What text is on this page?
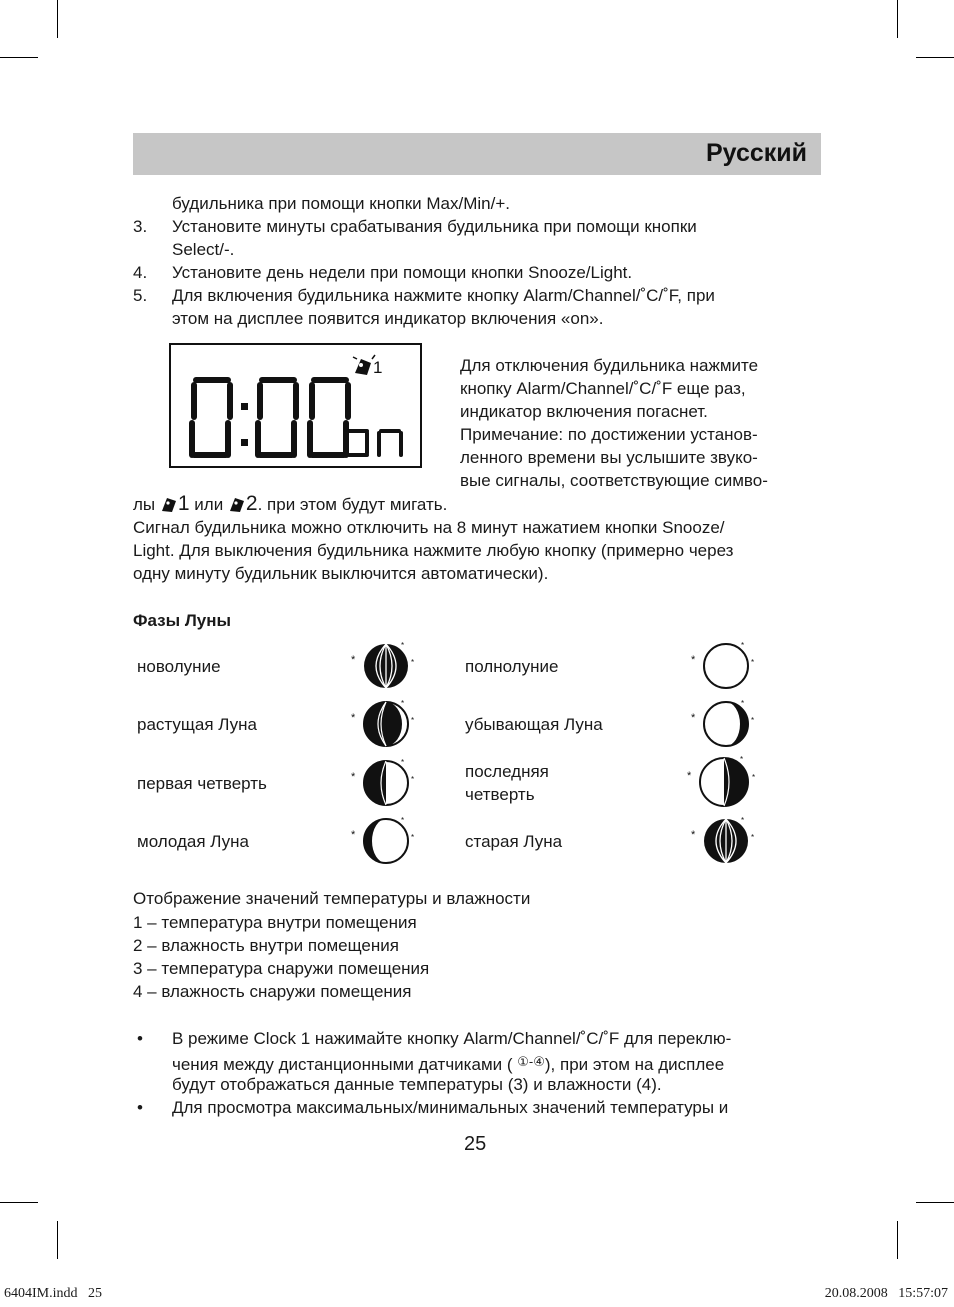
Русский
будильника при помощи кнопки Max/Min/+.
3. Установите минуты срабатывания будильника при помощи кнопки
Select/-.
4. Установите день недели при помощи кнопки Snooze/Light.
5. Для включения будильника нажмите кнопку Alarm/Channel/˚C/˚F, при
этом на дисплее появится индикатор включения «on».
1	Для отключения будильника нажмите
кнопку Alarm/Channel/˚C/˚F еще раз,
индикатор включения погаснет.
Примечание: по достижении установ-
ленного времени вы услышите звуко-
вые сигналы, соответствующие симво-
лы
1 или
2. при этом будут мигать.
Сигнал будильника можно отключить на 8 минут нажатием кнопки Snooze/
Light. Для выключения будильника нажмите любую кнопку (примерно через
одну минуту будильник выключится автоматически).
Фазы Луны
новолуние
растущая Луна
первая четверть
молодая Луна
полнолуние
убывающая Луна
последняя
четверть
старая Луна
*
*
*
*
*
*
*
*
*
*
*
*
*
*
*
*
*
*
*
*
*
*
*
*
Отображение значений температуры и влажности
1 – температура внутри помещения
2 – влажность внутри помещения
3 – температура снаружи помещения
4 – влажность снаружи помещения
• В режиме Clock 1 нажимайте кнопку Alarm/Channel/˚C/˚F для переклю-
чения между дистанционными датчиками ( ①-④), при этом на дисплее
будут отображаться данные температуры (3) и влажности (4).
• Для просмотра максимальных/минимальных значений температуры и
25
6404IM.indd   25	20.08.2008   15:57:07
